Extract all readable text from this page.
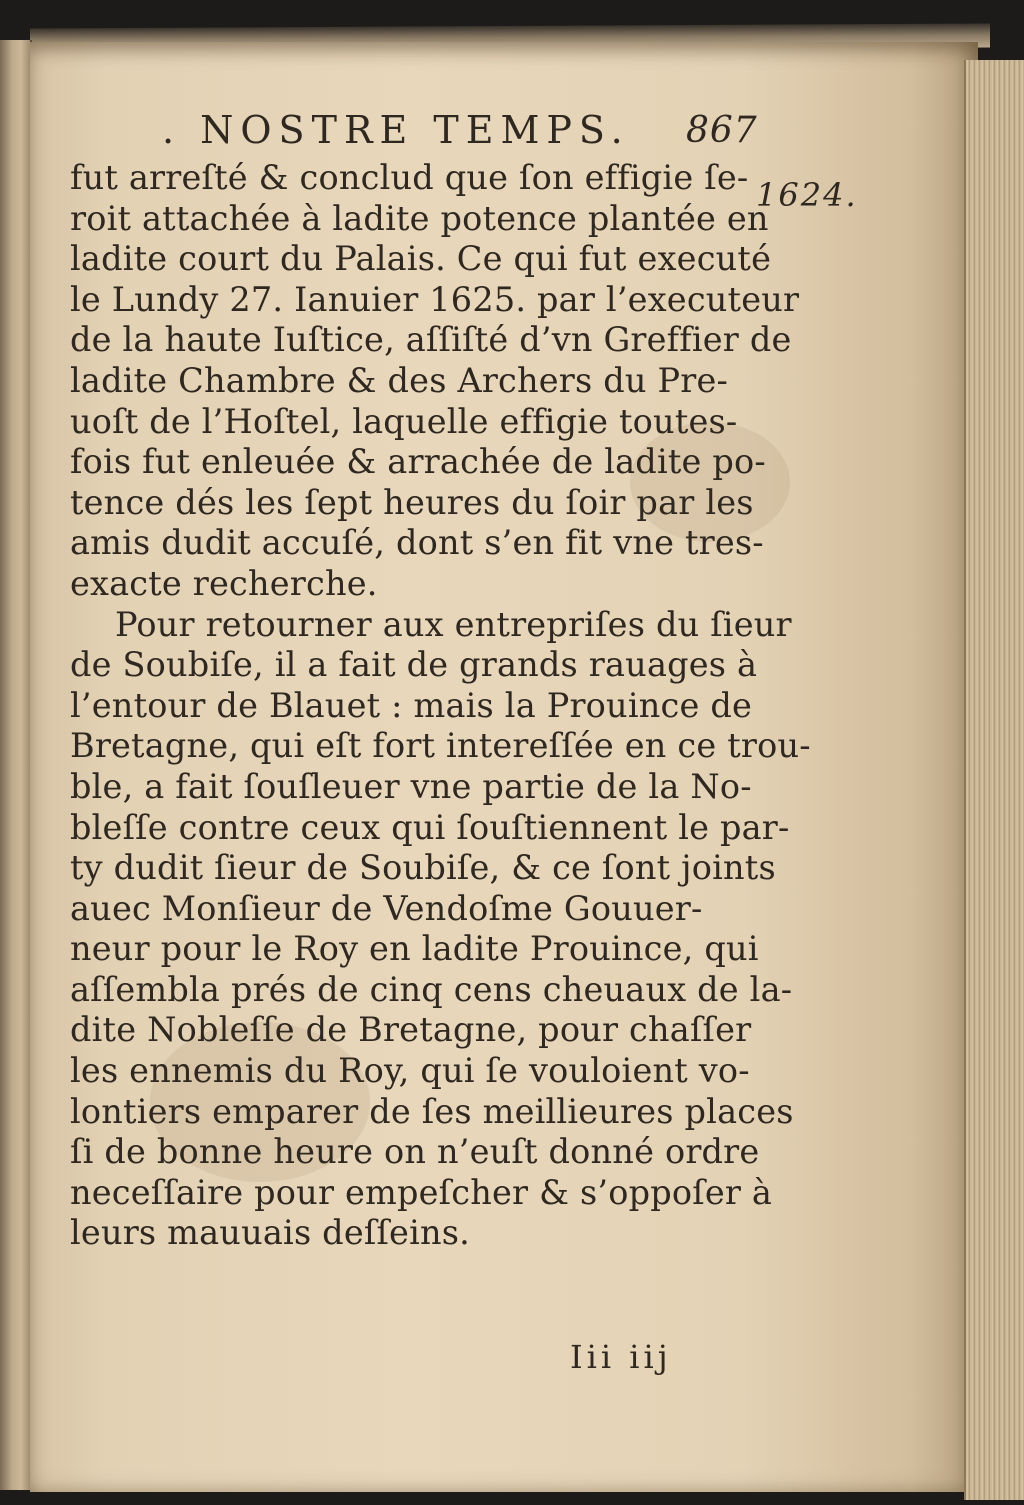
. NOSTRE TEMPS. 867
fut arreſté & conclud que ſon effigie ſe-
roit attachée à ladite potence plantée en
ladite court du Palais. Ce qui fut executé
le Lundy 27. Ianuier 1625. par l’executeur
de la haute Iuſtice, aſſiſté d’vn Greffier de
ladite Chambre & des Archers du Pre-
uoſt de l’Hoſtel, laquelle effigie toutes-
fois fut enleuée & arrachée de ladite po-
tence dés les ſept heures du ſoir par les
amis dudit accuſé, dont s’en fit vne tres-
exacte recherche.
Pour retourner aux entrepriſes du ſieur
de Soubiſe, il a fait de grands rauages à
l’entour de Blauet : mais la Prouince de
Bretagne, qui eſt fort intereſſée en ce trou-
ble, a fait ſouſleuer vne partie de la No-
bleſſe contre ceux qui ſouſtiennent le par-
ty dudit ſieur de Soubiſe, & ce ſont joints
auec Monſieur de Vendoſme Gouuer-
neur pour le Roy en ladite Prouince, qui
aſſembla prés de cinq cens cheuaux de la-
dite Nobleſſe de Bretagne, pour chaſſer
les ennemis du Roy, qui ſe vouloient vo-
lontiers emparer de ſes meillieures places
ſi de bonne heure on n’euſt donné ordre
neceſſaire pour empeſcher & s’oppoſer à
leurs mauuais deſſeins.
Iii iij
1624.
